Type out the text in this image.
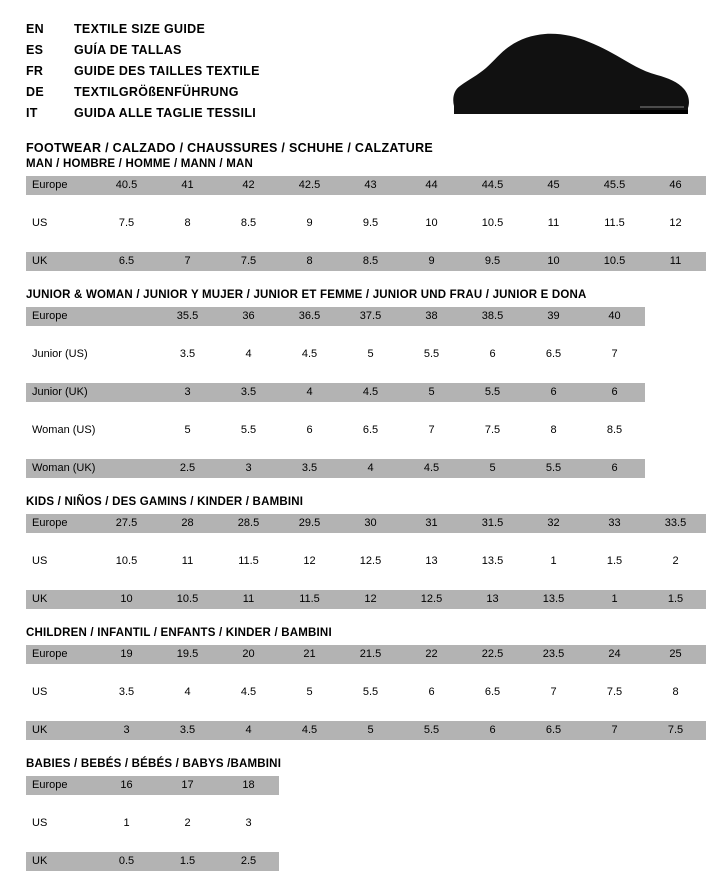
EN	TEXTILE SIZE GUIDE
ES	GUÍA DE TALLAS
FR	GUIDE DES TAILLES TEXTILE
DE	TEXTILGRÖßENFÜHRUNG
IT	GUIDA ALLE TAGLIE TESSILI
FOOTWEAR / CALZADO / CHAUSSURES / SCHUHE / CALZATURE
MAN / HOMBRE / HOMME / MANN / MAN
Europe	40.5	41	42	42.5	43	44	44.5	45	45.5	46

US	7.5	8	8.5	9	9.5	10	10.5	11	11.5	12

UK	6.5	7	7.5	8	8.5	9	9.5	10	10.5	11
JUNIOR & WOMAN / JUNIOR Y MUJER / JUNIOR ET FEMME / JUNIOR UND FRAU / JUNIOR E DONA
Europe		35.5	36	36.5	37.5	38	38.5	39	40

Junior (US)		3.5	4	4.5	5	5.5	6	6.5	7

Junior (UK)		3	3.5	4	4.5	5	5.5	6	6

Woman (US)		5	5.5	6	6.5	7	7.5	8	8.5

Woman (UK)		2.5	3	3.5	4	4.5	5	5.5	6
KIDS / NIÑOS / DES GAMINS / KINDER / BAMBINI
Europe	27.5	28	28.5	29.5	30	31	31.5	32	33	33.5

US	10.5	11	11.5	12	12.5	13	13.5	1	1.5	2

UK	10	10.5	11	11.5	12	12.5	13	13.5	1	1.5
CHILDREN / INFANTIL / ENFANTS / KINDER / BAMBINI
Europe	19	19.5	20	21	21.5	22	22.5	23.5	24	25

US	3.5	4	4.5	5	5.5	6	6.5	7	7.5	8

UK	3	3.5	4	4.5	5	5.5	6	6.5	7	7.5
BABIES / BEBÉS / BÉBÉS / BABYS /BAMBINI
Europe	16	17	18

US	1	2	3

UK	0.5	1.5	2.5
